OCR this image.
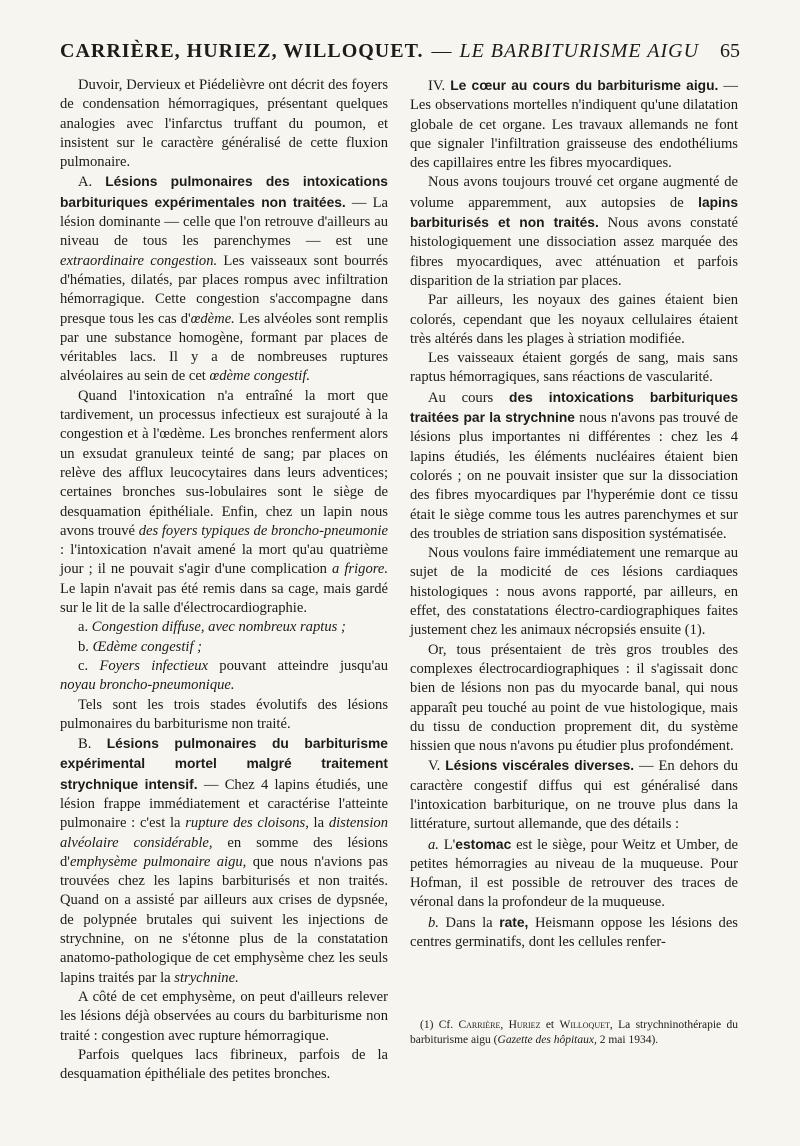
CARRIÈRE, HURIEZ, WILLOQUET. — LE BARBITURISME AIGU 65

Duvoir, Dervieux et Piédelièvre ont décrit des foyers de condensation hémorragiques, présentant quelques analogies avec l'infarctus truffant du poumon, et insistent sur le caractère généralisé de cette fluxion pulmonaire.

A. Lésions pulmonaires des intoxications barbituriques expérimentales non traitées. — La lésion dominante — celle que l'on retrouve d'ailleurs au niveau de tous les parenchymes — est une extraordinaire congestion. Les vaisseaux sont bourrés d'hématies, dilatés, par places rompus avec infiltration hémorragique. Cette congestion s'accompagne dans presque tous les cas d'œdème. Les alvéoles sont remplis par une substance homogène, formant par places de véritables lacs. Il y a de nombreuses ruptures alvéolaires au sein de cet œdème congestif.

Quand l'intoxication n'a entraîné la mort que tardivement, un processus infectieux est surajouté à la congestion et à l'œdème. Les bronches renferment alors un exsudat granuleux teinté de sang; par places on relève des afflux leucocytaires dans leurs adventices; certaines bronches sus-lobulaires sont le siège de desquamation épithéliale. Enfin, chez un lapin nous avons trouvé des foyers typiques de broncho-pneumonie : l'intoxication n'avait amené la mort qu'au quatrième jour ; il ne pouvait s'agir d'une complication a frigore. Le lapin n'avait pas été remis dans sa cage, mais gardé sur le lit de la salle d'électrocardiographie.

a. Congestion diffuse, avec nombreux raptus ;

b. Œdème congestif ;

c. Foyers infectieux pouvant atteindre jusqu'au noyau broncho-pneumonique.

Tels sont les trois stades évolutifs des lésions pulmonaires du barbiturisme non traité.

B. Lésions pulmonaires du barbiturisme expérimental mortel malgré traitement strychnique intensif. — Chez 4 lapins étudiés, une lésion frappe immédiatement et caractérise l'atteinte pulmonaire : c'est la rupture des cloisons, la distension alvéolaire considérable, en somme des lésions d'emphysème pulmonaire aigu, que nous n'avions pas trouvées chez les lapins barbiturisés et non traités. Quand on a assisté par ailleurs aux crises de dypsnée, de polypnée brutales qui suivent les injections de strychnine, on ne s'étonne plus de la constatation anatomo-pathologique de cet emphysème chez les seuls lapins traités par la strychnine.

A côté de cet emphysème, on peut d'ailleurs relever les lésions déjà observées au cours du barbiturisme non traité : congestion avec rupture hémorragique.

Parfois quelques lacs fibrineux, parfois de la desquamation épithéliale des petites bronches.

IV. Le cœur au cours du barbiturisme aigu. — Les observations mortelles n'indiquent qu'une dilatation globale de cet organe. Les travaux allemands ne font que signaler l'infiltration graisseuse des endothéliums des capillaires entre les fibres myocardiques.

Nous avons toujours trouvé cet organe augmenté de volume apparemment, aux autopsies de lapins barbiturisés et non traités. Nous avons constaté histologiquement une dissociation assez marquée des fibres myocardiques, avec atténuation et parfois disparition de la striation par places.

Par ailleurs, les noyaux des gaines étaient bien colorés, cependant que les noyaux cellulaires étaient très altérés dans les plages à striation modifiée.

Les vaisseaux étaient gorgés de sang, mais sans raptus hémorragiques, sans réactions de vascularité.

Au cours des intoxications barbituriques traitées par la strychnine nous n'avons pas trouvé de lésions plus importantes ni différentes : chez les 4 lapins étudiés, les éléments nucléaires étaient bien colorés ; on ne pouvait insister que sur la dissociation des fibres myocardiques par l'hyperémie dont ce tissu était le siège comme tous les autres parenchymes et sur des troubles de striation sans disposition systématisée.

Nous voulons faire immédiatement une remarque au sujet de la modicité de ces lésions cardiaques histologiques : nous avons rapporté, par ailleurs, en effet, des constatations électro-cardiographiques faites justement chez les animaux nécropsiés ensuite (1).

Or, tous présentaient de très gros troubles des complexes électrocardiographiques : il s'agissait donc bien de lésions non pas du myocarde banal, qui nous apparaît peu touché au point de vue histologique, mais du tissu de conduction proprement dit, du système hissien que nous n'avons pu étudier plus profondément.

V. Lésions viscérales diverses. — En dehors du caractère congestif diffus qui est généralisé dans l'intoxication barbiturique, on ne trouve plus dans la littérature, surtout allemande, que des détails :

a. L'estomac est le siège, pour Weitz et Umber, de petites hémorragies au niveau de la muqueuse. Pour Hofman, il est possible de retrouver des traces de véronal dans la profondeur de la muqueuse.

b. Dans la rate, Heismann oppose les lésions des centres germinatifs, dont les cellules renfer-

(1) Cf. Carrière, Huriez et Willoquet, La strychninothérapie du barbiturisme aigu (Gazette des hôpitaux, 2 mai 1934).
